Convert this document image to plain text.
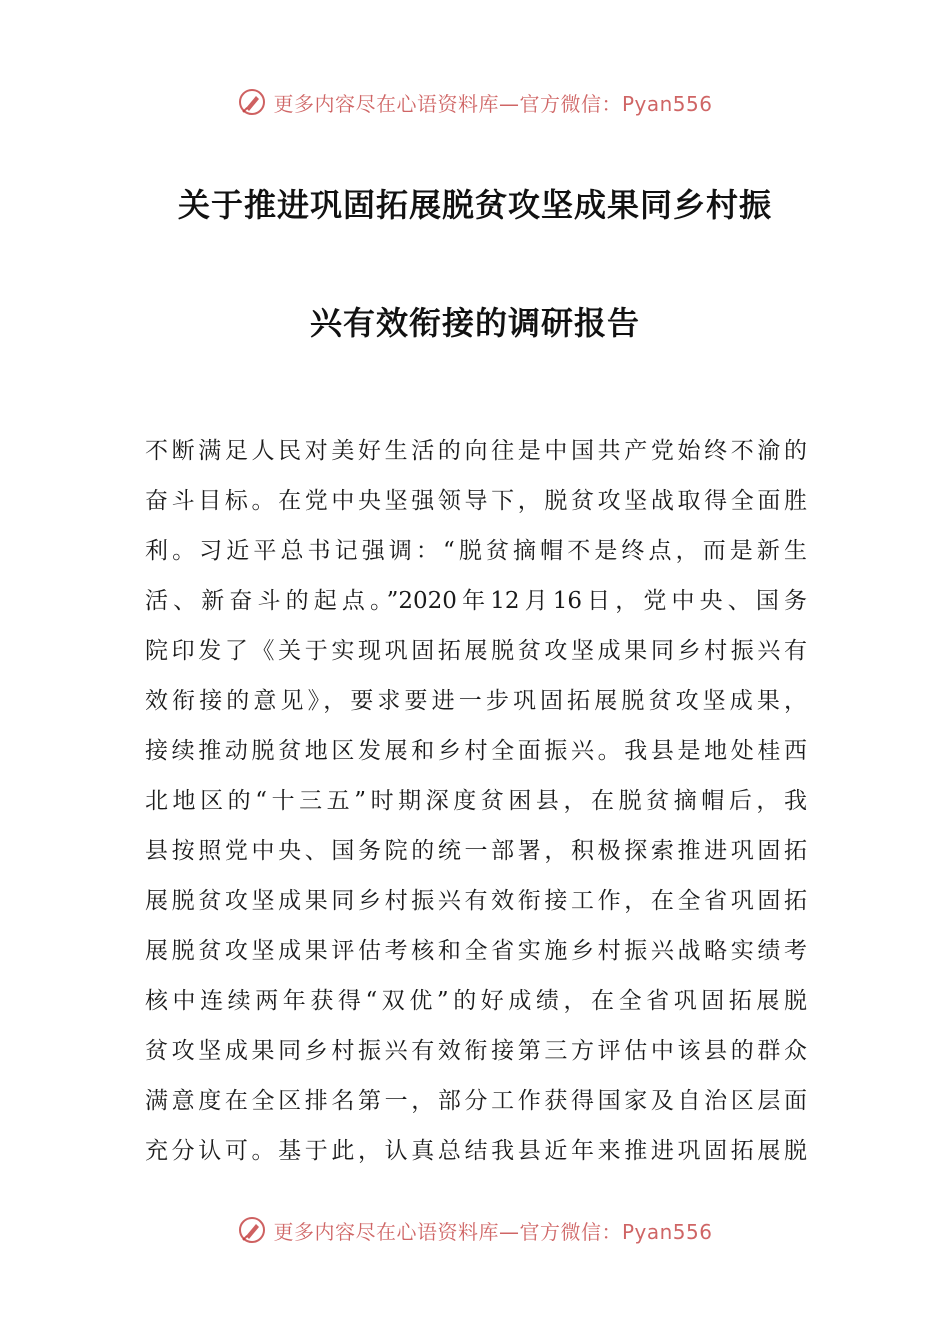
更多内容尽在心语资料库—官方微信：Pyan556
关于推进巩固拓展脱贫攻坚成果同乡村振
兴有效衔接的调研报告
不断满足人民对美好生活的向往是中国共产党始终不渝的
奋斗目标。在党中央坚强领导下，脱贫攻坚战取得全面胜
利。习近平总书记强调：“脱贫摘帽不是终点，而是新生
活、新奋斗的起点。”2020年12月16日，党中央、国务
院印发了《关于实现巩固拓展脱贫攻坚成果同乡村振兴有
效衔接的意见》，要求要进一步巩固拓展脱贫攻坚成果，
接续推动脱贫地区发展和乡村全面振兴。我县是地处桂西
北地区的“十三五”时期深度贫困县，在脱贫摘帽后，我
县按照党中央、国务院的统一部署，积极探索推进巩固拓
展脱贫攻坚成果同乡村振兴有效衔接工作，在全省巩固拓
展脱贫攻坚成果评估考核和全省实施乡村振兴战略实绩考
核中连续两年获得“双优”的好成绩，在全省巩固拓展脱
贫攻坚成果同乡村振兴有效衔接第三方评估中该县的群众
满意度在全区排名第一，部分工作获得国家及自治区层面
充分认可。基于此，认真总结我县近年来推进巩固拓展脱
更多内容尽在心语资料库—官方微信：Pyan556
